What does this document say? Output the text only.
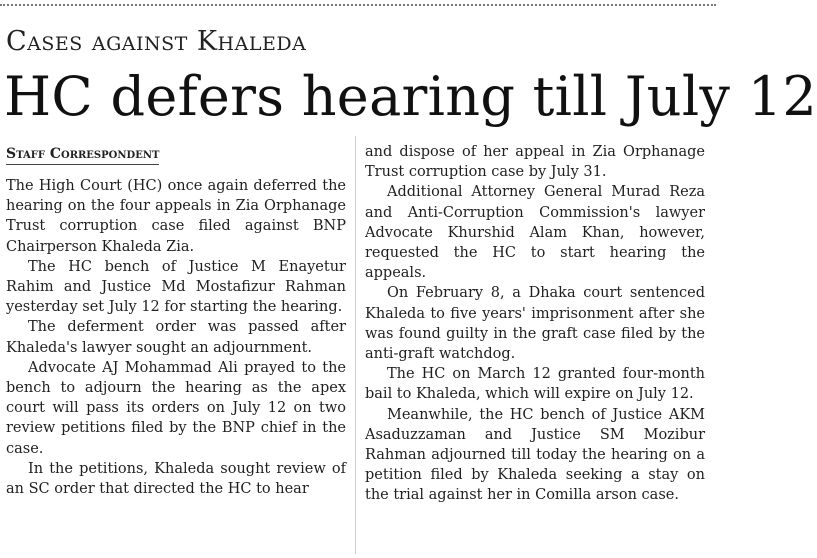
Cases against Khaleda
HC defers hearing till July 12
Staff Correspondent

The High Court (HC) once again deferred the hearing on the four appeals in Zia Orphanage Trust corruption case filed against BNP Chairperson Khaleda Zia.

The HC bench of Justice M Enayetur Rahim and Justice Md Mostafizur Rahman yesterday set July 12 for starting the hearing.

The deferment order was passed after Khaleda's lawyer sought an adjournment.

Advocate AJ Mohammad Ali prayed to the bench to adjourn the hearing as the apex court will pass its orders on July 12 on two review petitions filed by the BNP chief in the case.

In the petitions, Khaleda sought review of an SC order that directed the HC to hear

and dispose of her appeal in Zia Orphanage Trust corruption case by July 31.

Additional Attorney General Murad Reza and Anti-Corruption Commission's lawyer Advocate Khurshid Alam Khan, however, requested the HC to start hearing the appeals.

On February 8, a Dhaka court sentenced Khaleda to five years' imprisonment after she was found guilty in the graft case filed by the anti-graft watchdog.

The HC on March 12 granted four-month bail to Khaleda, which will expire on July 12.

Meanwhile, the HC bench of Justice AKM Asaduzzaman and Justice SM Mozibur Rahman adjourned till today the hearing on a petition filed by Khaleda seeking a stay on the trial against her in Comilla arson case.
